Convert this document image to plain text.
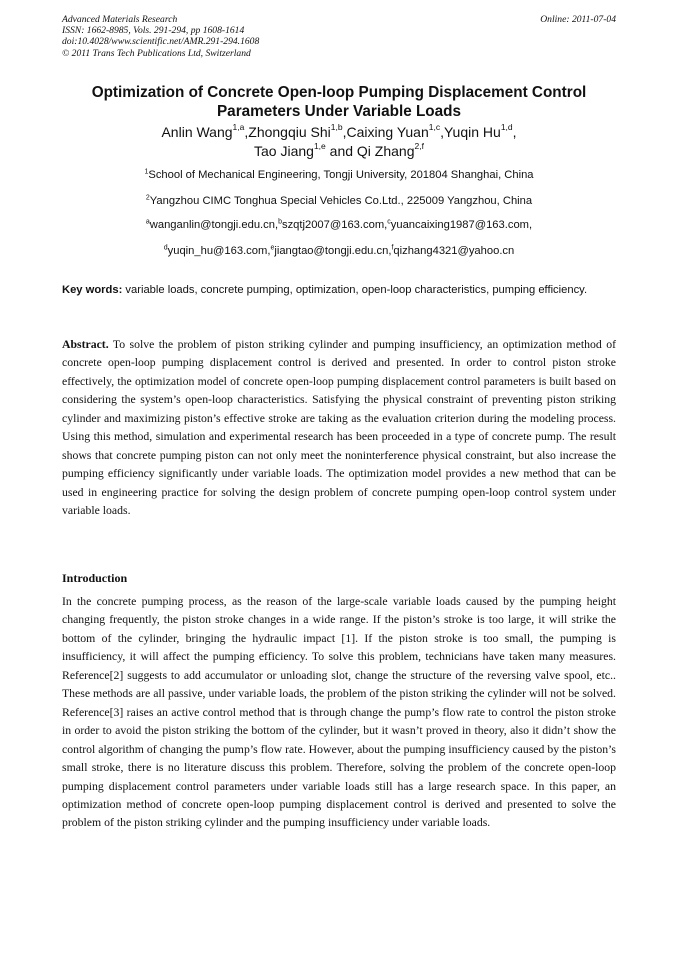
Advanced Materials Research
ISSN: 1662-8985, Vols. 291-294, pp 1608-1614
doi:10.4028/www.scientific.net/AMR.291-294.1608
© 2011 Trans Tech Publications Ltd, Switzerland
Online: 2011-07-04
Optimization of Concrete Open-loop Pumping Displacement Control
Parameters Under Variable Loads
Anlin Wang$^{1,a}$,Zhongqiu Shi$^{1,b}$,Caixing Yuan$^{1,c}$,Yuqin Hu$^{1,d}$,
Tao Jiang$^{1,e}$ and Qi Zhang$^{2,f}$
$^1$School of Mechanical Engineering, Tongji University, 201804 Shanghai, China
$^2$Yangzhou CIMC Tonghua Special Vehicles Co.Ltd., 225009 Yangzhou, China
$^a$wanganlin@tongji.edu.cn,$^b$szqtj2007@163.com,$^c$yuancaixing1987@163.com,
$^d$yuqin_hu@163.com,$^e$jiangtao@tongji.edu.cn,$^f$qizhang4321@yahoo.cn
Key words: variable loads, concrete pumping, optimization, open-loop characteristics, pumping efficiency.
Abstract. To solve the problem of piston striking cylinder and pumping insufficiency, an optimization method of concrete open-loop pumping displacement control is derived and presented. In order to control piston stroke effectively, the optimization model of concrete open-loop pumping displacement control parameters is built based on considering the system’s open-loop characteristics. Satisfying the physical constraint of preventing piston striking cylinder and maximizing piston’s effective stroke are taking as the evaluation criterion during the modeling process. Using this method, simulation and experimental research has been proceeded in a type of concrete pump. The result shows that concrete pumping piston can not only meet the noninterference physical constraint, but also increase the pumping efficiency significantly under variable loads. The optimization model provides a new method that can be used in engineering practice for solving the design problem of concrete pumping open-loop control system under variable loads.
Introduction
In the concrete pumping process, as the reason of the large-scale variable loads caused by the pumping height changing frequently, the piston stroke changes in a wide range. If the piston’s stroke is too large, it will strike the bottom of the cylinder, bringing the hydraulic impact [1]. If the piston stroke is too small, the pumping is insufficiency, it will affect the pumping efficiency. To solve this problem, technicians have taken many measures. Reference[2] suggests to add accumulator or unloading slot, change the structure of the reversing valve spool, etc.. These methods are all passive, under variable loads, the problem of the piston striking the cylinder will not be solved. Reference[3] raises an active control method that is through change the pump’s flow rate to control the piston stroke in order to avoid the piston striking the bottom of the cylinder, but it wasn’t proved in theory, also it didn’t show the control algorithm of changing the pump’s flow rate. However, about the pumping insufficiency caused by the piston’s small stroke, there is no literature discuss this problem. Therefore, solving the problem of the concrete open-loop pumping displacement control parameters under variable loads still has a large research space. In this paper, an optimization method of concrete open-loop pumping displacement control is derived and presented to solve the problem of the piston striking cylinder and the pumping insufficiency under variable loads.
